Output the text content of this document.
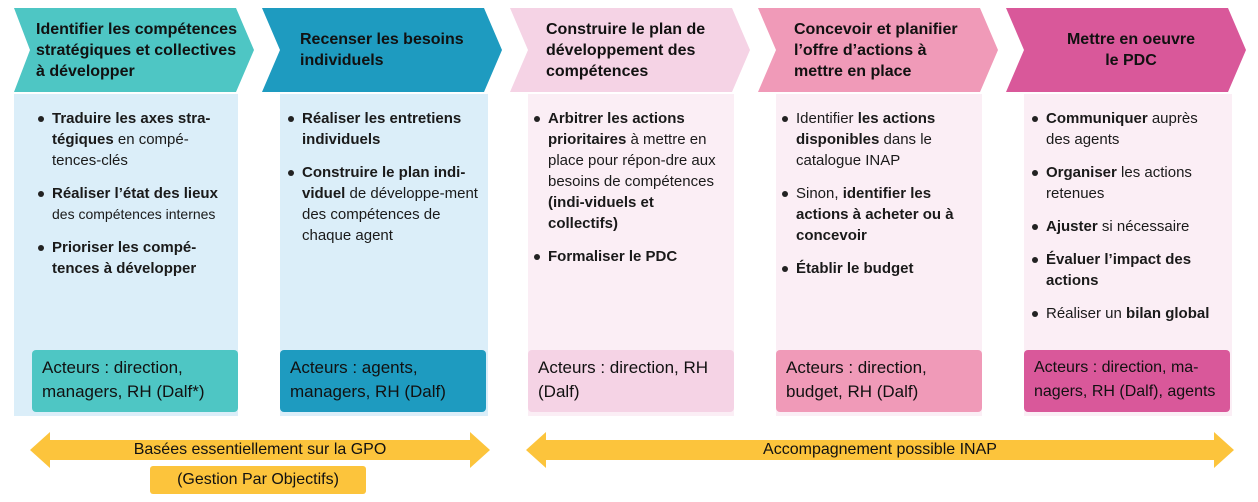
Identifier les compétences stratégiques et collectives à développer
Traduire les axes stra-tégiques en compé-tences-clés
Réaliser l’état des lieux des compétences internes
Prioriser les compé-tences à développer
Acteurs : direction, managers, RH (Dalf*)
Recenser les besoins individuels
Réaliser les entretiens individuels
Construire le plan indi-viduel de développe-ment des compétences de chaque agent
Acteurs : agents, managers, RH (Dalf)
Construire le plan de développement des compétences
Arbitrer les actions prioritaires à mettre en place pour répon-dre aux besoins de compétences (indi-viduels et collectifs)
Formaliser le PDC
Acteurs : direction, RH (Dalf)
Concevoir et planifier l’offre d’actions à mettre en place
Identifier les actions disponibles dans le catalogue INAP
Sinon, identifier les actions à acheter ou à concevoir
Établir le budget
Acteurs : direction, budget, RH (Dalf)
Mettre en oeuvre le PDC
Communiquer auprès des agents
Organiser les actions retenues
Ajuster si nécessaire
Évaluer l’impact des actions
Réaliser un bilan global
Acteurs : direction, ma-nagers, RH (Dalf), agents
Basées essentiellement sur la GPO
(Gestion Par Objectifs)
Accompagnement possible INAP
